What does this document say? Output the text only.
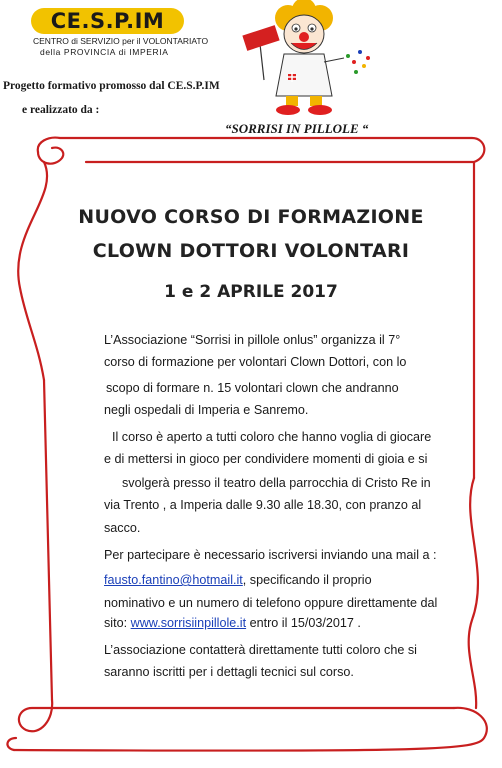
CE.S.P.IM
CENTRO di SERVIZIO per il VOLONTARIATO
della PROVINCIA di IMPERIA
Progetto formativo promosso dal CE.S.P.IM
e realizzato da :
“SORRISI IN PILLOLE “
NUOVO CORSO DI FORMAZIONE
CLOWN DOTTORI VOLONTARI
1 e 2 APRILE 2017
L’Associazione “Sorrisi in pillole onlus” organizza il 7°
corso di formazione per volontari Clown Dottori, con lo
scopo di formare n. 15 volontari clown che andranno
negli ospedali di Imperia e Sanremo.
Il corso è aperto a tutti coloro che hanno voglia di giocare
e di mettersi in gioco per condividere momenti di gioia e si
svolgerà presso il teatro della parrocchia di Cristo Re in
via Trento , a Imperia dalle 9.30 alle 18.30, con pranzo al
sacco.
Per partecipare è necessario iscriversi inviando una mail a :
fausto.fantino@hotmail.it, specificando il proprio
nominativo e un numero di telefono oppure direttamente dal
sito: www.sorrisiinpillole.it entro il 15/03/2017 .
L’associazione contatterà direttamente tutti coloro che si
saranno iscritti per i dettagli tecnici sul corso.
